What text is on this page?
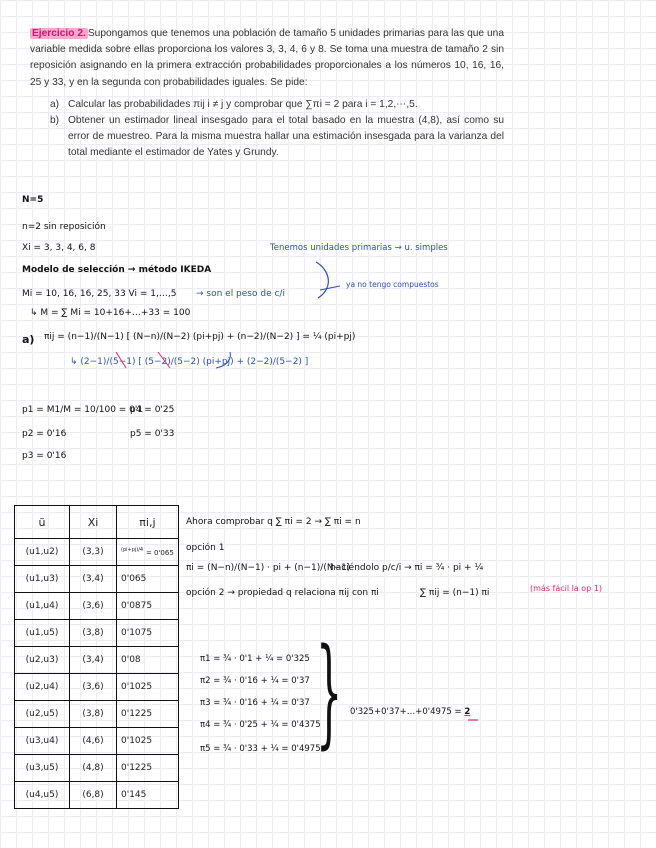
Ejercicio 2. Supongamos que tenemos una población de tamaño 5 unidades primarias para las que una variable medida sobre ellas proporciona los valores 3, 3, 4, 6 y 8. Se toma una muestra de tamaño 2 sin reposición asignando en la primera extracción probabilidades proporcionales a los números 10, 16, 16, 25 y 33, y en la segunda con probabilidades iguales. Se pide:

a) Calcular las probabilidades πij i ≠ j y comprobar que ∑πi = 2 para i = 1,2,⋯,5.
b) Obtener un estimador lineal insesgado para el total basado en la muestra (4,8), así como su error de muestreo. Para la misma muestra hallar una estimación insesgada para la varianza del total mediante el estimador de Yates y Grundy.
N=5
n=2 sin reposición
Xi = 3, 3, 4, 6, 8	Tenemos unidades primarias → u. simples
Modelo de selección → método IKEDA
Mi = 10, 16, 16, 25, 33 Vi = 1,…,5 → son el peso de c/i
ya no tengo compuestos
↳ M = ∑ Mi = 10+16+…+33 = 100
a) πij = (n−1)/(N−1) [ (N−n)/(N−2) (pi+pj) + (n−2)/(N−2) ] = ¼ (pi+pj)
↳ (2−1)/(5−1) [ (5−2)/(5−2) (pi+pj) + (2−2)/(5−2) ]
p1 = M1/M = 10/100 = 0'1
p4 = 0'25
p2 = 0'16	p5 = 0'33
p3 = 0'16
ũ	Xi	πi,j
(u1,u2)	(3,3)	$^{(pi+pj)/4}$ = 0'065
(u1,u3)	(3,4)	0'065
(u1,u4)	(3,6)	0'0875
(u1,u5)	(3,8)	0'1075
(u2,u3)	(3,4)	0'08
(u2,u4)	(3,6)	0'1025
(u2,u5)	(3,8)	0'1225
(u3,u4)	(4,6)	0'1025
(u3,u5)	(4,8)	0'1225
(u4,u5)	(6,8)	0'145
Ahora comprobar q ∑ πi = 2 → ∑ πi = n
opción 1
πi = (N−n)/(N−1) · pi + (n−1)/(N−1)
haciéndolo p/c/i → πi = ¾ · pi + ¼
opción 2 → propiedad q relaciona πij con πi	∑ πij = (n−1) πi	(más fácil la op 1)
π1 = ¾ · 0'1 + ¼ = 0'325
π2 = ¾ · 0'16 + ¼ = 0'37
π3 = ¾ · 0'16 + ¼ = 0'37
π4 = ¾ · 0'25 + ¼ = 0'4375
π5 = ¾ · 0'33 + ¼ = 0'4975
} 0'325+0'37+…+0'4975 = 2
